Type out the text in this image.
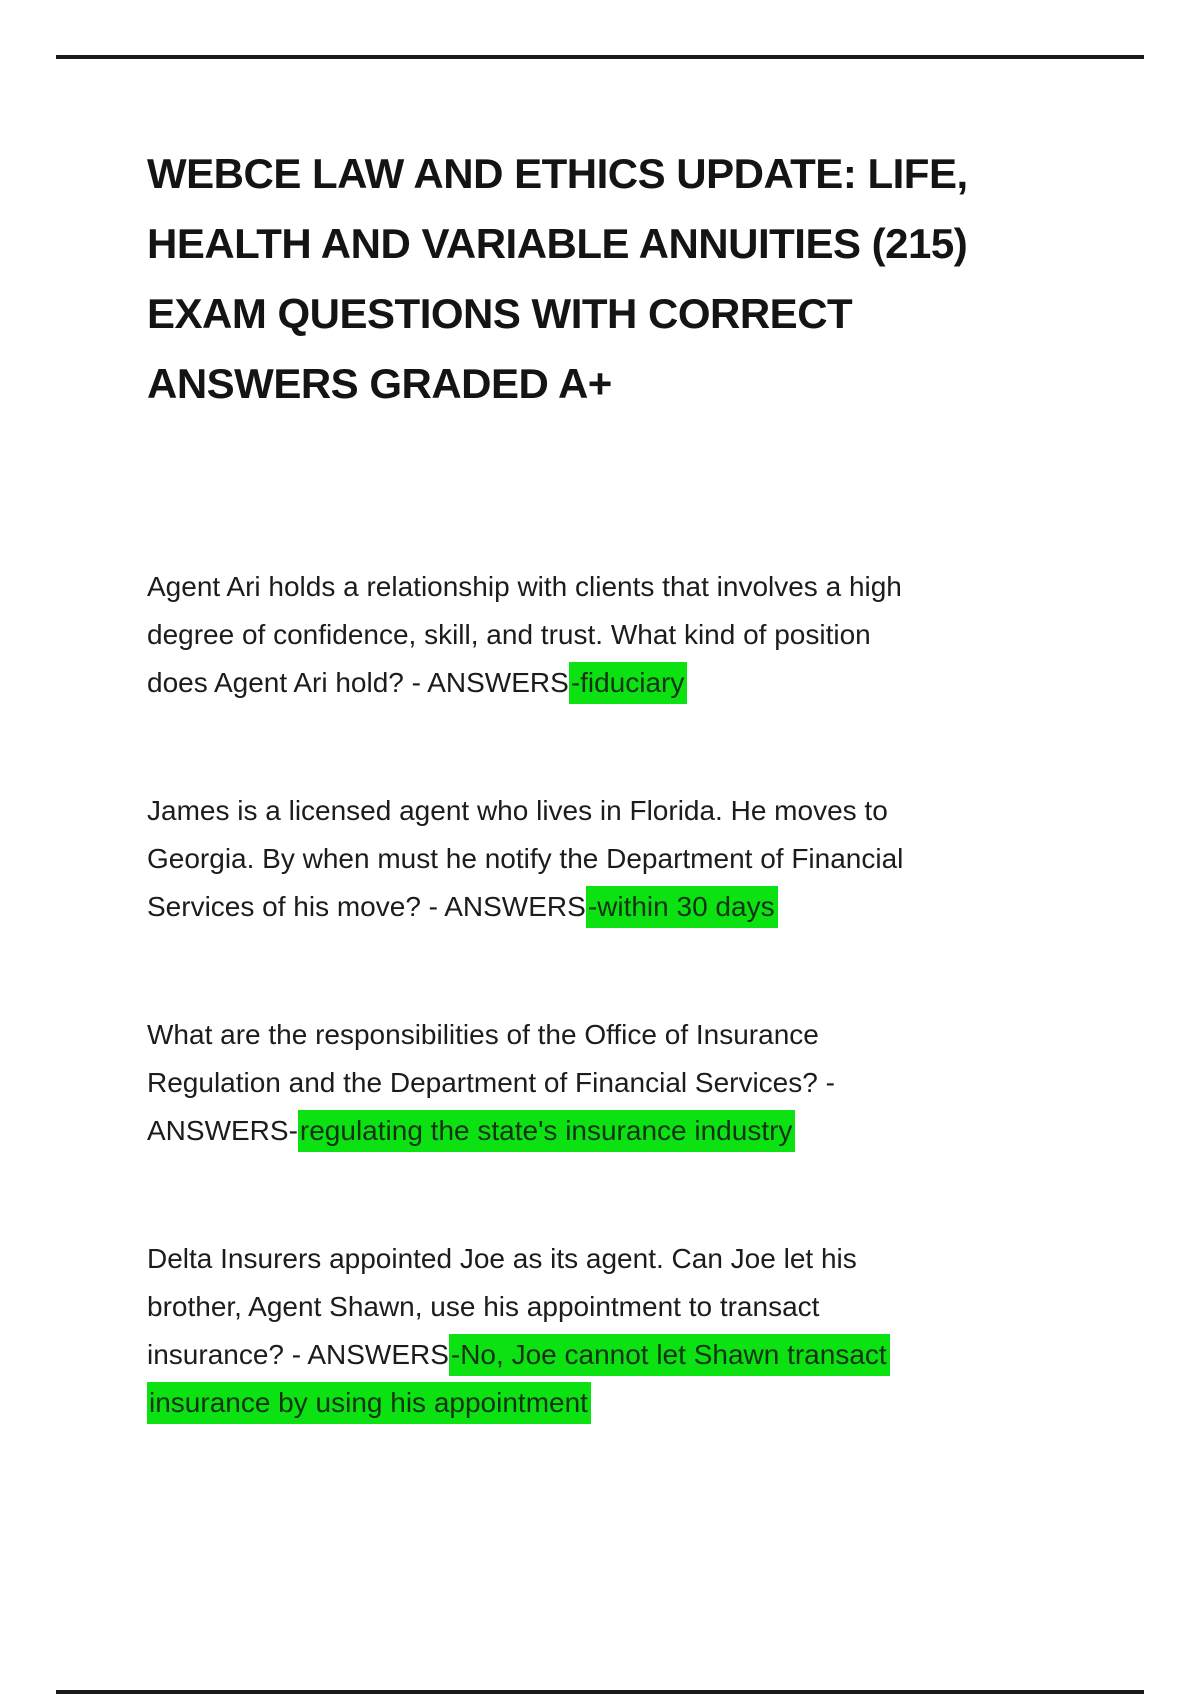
WEBCE LAW AND ETHICS UPDATE: LIFE,
HEALTH AND VARIABLE ANNUITIES (215)
EXAM QUESTIONS WITH CORRECT
ANSWERS GRADED A+

Agent Ari holds a relationship with clients that involves a high
degree of confidence, skill, and trust. What kind of position
does Agent Ari hold? - ANSWERS-fiduciary

James is a licensed agent who lives in Florida. He moves to
Georgia. By when must he notify the Department of Financial
Services of his move? - ANSWERS-within 30 days

What are the responsibilities of the Office of Insurance
Regulation and the Department of Financial Services? -
ANSWERS-regulating the state's insurance industry

Delta Insurers appointed Joe as its agent. Can Joe let his
brother, Agent Shawn, use his appointment to transact
insurance? - ANSWERS-No, Joe cannot let Shawn transact
insurance by using his appointment
